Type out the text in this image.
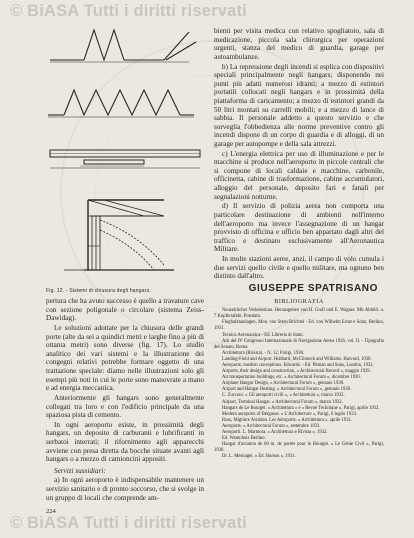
© BiASA Tutti i diritti riservati
Fig. 12. - Sistemi di chiusura degli hangars.

pertura che ha avuto successo è quello a travature cave con sezione poligonale o circolare (sistema Zeiss-Dawidag).

Le soluzioni adottate per la chiusura delle grandi porte (alte da sei a quindici metri e larghe fino a più di ottanta metri) sono diverse (fig. 17). Lo studio analitico dei vari sistemi e la illustrazione dei congegni relativi potrebbe formare oggetto di una trattazione speciale: diamo nelle illustrazioni solo gli esempi più noti in cui le porte sono manovrate a mano e ad energia meccanica.

Anteriormente gli hangars sono generalmente collegati tra loro e con l'edificio principale da una spaziosa pista di cemento.

In ogni aeroporto esiste, in prossimità degli hangars, un deposito di carburanti e lubrificanti in serbatoi interrati; il rifornimento agli apparecchi avviene con presa diretta da bocche situate avanti agli hangars o a mezzo di camioncini appositi.

Servizi sussidiari:

a) In ogni aeroporto è indispensabile mantenere un servizio sanitario e di pronto soccorso, che si svolge in un gruppo di locali che comprende am-

bienti per visita medica con relativo spogliatoio, sala di medicazione, piccola sala chirurgica per operazioni urgenti, stanza del medico di guardia, garage per autoambulanze.

b) La repressione degli incendi si esplica con dispositivi speciali principalmente negli hangars; disponendo nei punti più adatti numerosi idranti; a mezzo di estintori portatili collocati negli hangars e in prossimità della piattaforma di caricamento; a mezzo di estintori grandi da 50 litri montati su carrelli mobili; e a mezzo di lance di sabbia. Il personale addetto a questo servizio e che sorveglia l'obbedienza alle norme preventive contro gli incendi dispone di un corpo di guardia e di alloggi, di un garage per autopompe e della sala attrezzi.

c) L'energia elettrica per uso di illuminazione e per le macchine si produce nell'aeroporto in piccole centrali che si compone di locali caldaie e macchine, carbonile, officinetta, cabine di trasformazione, cabine accumulatori, alloggio del personale, deposito fari e fanali per segnalazioni notturne.

d) Il servizio di polizia aerea non comporta una particolare destinazione di ambienti nell'interno dell'aeroporto ma invece l'assegnazione di un hangar provvisto di officina e ufficio ben appartato dagli altri del traffico e destinato esclusivamente all'Aeronautica Militare.

In molte stazioni aeree, anzi, il campo di volo cumula i due servizi quello civile e quello militare, ma ognuno ben distinto dall'altro.

GIUSEPPE SPATRISANO
BIBLIOGRAFIA

Neuzeitlicher Verkehrsbau. Herausgeben von H. Grafl und E. Wagner. Mit Abbild. u. 7 Kupfertafeln. Potsdam.

Flughafenanlagen. Mon. von Stern Brichtel - Ed. von Wilhelm Ernst e Sohn, Berlino, 1931.

Tecnica Aeronautica - Ed. Libreria di Stato.

Atti del IV Congresso Internazionale di Navigazione Aerea 1926, vol. II. - Tipografia del Senato, Roma.

Architettura (Rivista). - N. 12, Parigi, 1930.

Landing-Field and Airport. Hubbard, McClintock and Williams. Harvard, 1930.

Aeroports: modern conceptions. Edwards. - Ed. Pitman and Sons, London, 1932.

Airports, their design and construction, « Architectural Record », maggio 1929.

Air transportation buildings, etc. « Architectural Forum », dicembre 1930.

Airplane Hangar Design, « Architectural Forum », gennaio 1930.

Airport and Hangar Heating. « Architectural Forum », gennaio 1930.

C. Zucconi. « Gli aeroporti civili », « Architettura », marzo 1932.

Airport, Terminal Hangar. « Architectural Forum », marzo 1932.

Hangars de Le Bourget. « Architettura » e « Revue Technique », Parigi, aprile 1932.

Modern aeroports of Bérgasse. « L'Architecture », Parigi, 6 luglio 1933.

Ross, Migliore Aviation. Les Aéroports. « Architettura », aprile 1931.

Aeroports. « Architectural Forum », settembre 1933.

Aeroporti. L. Marmora. « Architettura e Rivista », 1932.

Ed. Warenhuis Berlino.

Hangar d'aviation de 60 m. de portée pour le Bourget. « Le Génie Civil », Parigi, 1930.

Dr. L. Mesnager. « Ed. Bureau », 1931.

224
© BiASA Tutti i diritti riservati
